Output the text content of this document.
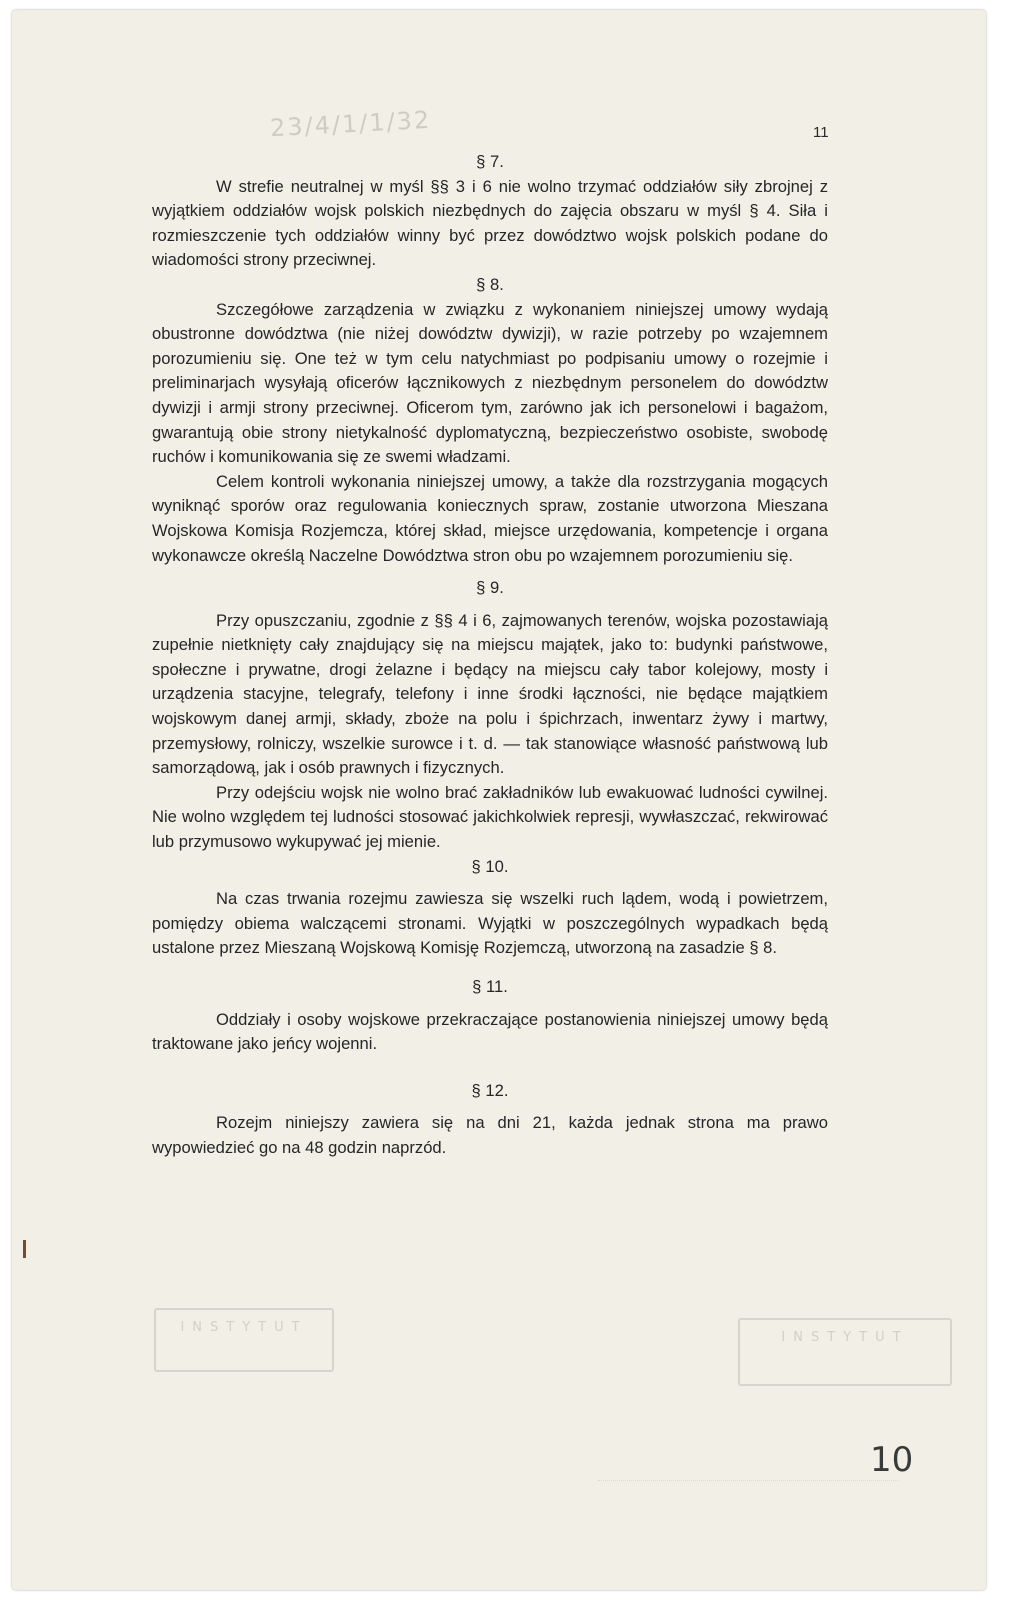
23/4/1/1/32	11

§ 7.

W strefie neutralnej w myśl §§ 3 i 6 nie wolno trzymać oddziałów siły zbrojnej z wyjątkiem oddziałów wojsk polskich niezbędnych do zajęcia obszaru w myśl § 4. Siła i rozmieszczenie tych oddziałów winny być przez dowództwo wojsk polskich podane do wiadomości strony przeciwnej.

§ 8.

Szczegółowe zarządzenia w związku z wykonaniem niniejszej umowy wydają obustronne dowództwa (nie niżej dowództw dywizji), w razie potrzeby po wzajemnem porozumieniu się. One też w tym celu natychmiast po podpisaniu umowy o rozejmie i preliminarjach wysyłają oficerów łącznikowych z niezbędnym personelem do dowództw dywizji i armji strony przeciwnej. Oficerom tym, zarówno jak ich personelowi i bagażom, gwarantują obie strony nietykalność dyplomatyczną, bezpieczeństwo osobiste, swobodę ruchów i komunikowania się ze swemi władzami.

Celem kontroli wykonania niniejszej umowy, a także dla rozstrzygania mogących wyniknąć sporów oraz regulowania koniecznych spraw, zostanie utworzona Mieszana Wojskowa Komisja Rozjemcza, której skład, miejsce urzędowania, kompetencje i organa wykonawcze określą Naczelne Dowództwa stron obu po wzajemnem porozumieniu się.

§ 9.

Przy opuszczaniu, zgodnie z §§ 4 i 6, zajmowanych terenów, wojska pozostawiają zupełnie nietknięty cały znajdujący się na miejscu majątek, jako to: budynki państwowe, społeczne i prywatne, drogi żelazne i będący na miejscu cały tabor kolejowy, mosty i urządzenia stacyjne, telegrafy, telefony i inne środki łączności, nie będące majątkiem wojskowym danej armji, składy, zboże na polu i śpichrzach, inwentarz żywy i martwy, przemysłowy, rolniczy, wszelkie surowce i t. d. — tak stanowiące własność państwową lub samorządową, jak i osób prawnych i fizycznych.

Przy odejściu wojsk nie wolno brać zakładników lub ewakuować ludności cywilnej. Nie wolno względem tej ludności stosować jakichkolwiek represji, wywłaszczać, rekwirować lub przymusowo wykupywać jej mienie.

§ 10.

Na czas trwania rozejmu zawiesza się wszelki ruch lądem, wodą i powietrzem, pomiędzy obiema walczącemi stronami. Wyjątki w poszczególnych wypadkach będą ustalone przez Mieszaną Wojskową Komisję Rozjemczą, utworzoną na zasadzie § 8.

§ 11.

Oddziały i osoby wojskowe przekraczające postanowienia niniejszej umowy będą traktowane jako jeńcy wojenni.

§ 12.

Rozejm niniejszy zawiera się na dni 21, każda jednak strona ma prawo wypowiedzieć go na 48 godzin naprzód.

INSTYTUT
INSTYTUT
10
